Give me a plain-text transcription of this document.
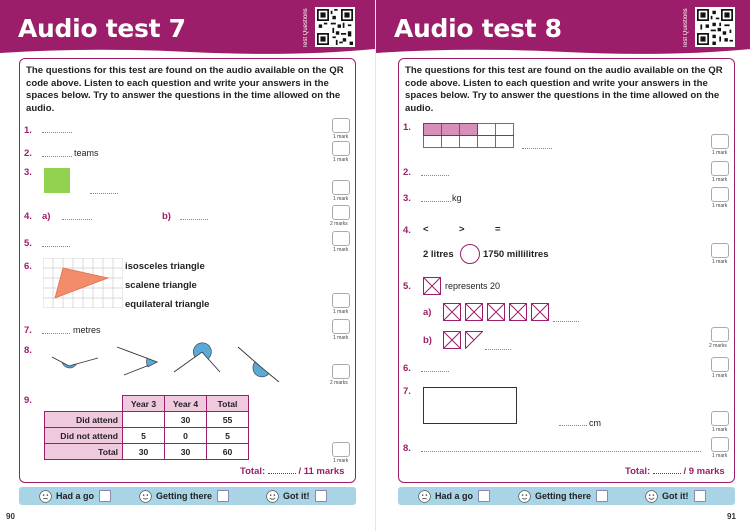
Audio test 7	Test Questions
The questions for this test are found on the audio available on the QR code above. Listen to each question and write your answers in the spaces below. Try to answer the questions in the time allowed on the audio.
1.
2.	teams
3.
4. a)	b)
5.
6.	isosceles triangle
scalene triangle
equilateral triangle
7.	metres
8.
9.
		Year 3	Year 4	Total
Did attend		30	55
Did not attend	5	0	5
Total	30	30	60
1 mark
1 mark
1 mark
2 marks
1 mark
1 mark
1 mark
2 marks
1 mark
Total:	/ 11 marks
Had a go	Getting there	Got it!
90
Audio test 8	Test Questions
The questions for this test are found on the audio available on the QR code above. Listen to each question and write your answers in the spaces below. Try to answer the questions in the time allowed on the audio.
1.
2.
3.	kg
4. <	>	=
2 litres	1750 millilitres
5.	represents 20
a)
b)
6.
7.
cm
8.
1 mark
1 mark
1 mark
1 mark
2 marks
1 mark
1 mark
1 mark
Total:	/ 9 marks
Had a go	Getting there	Got it!
91
